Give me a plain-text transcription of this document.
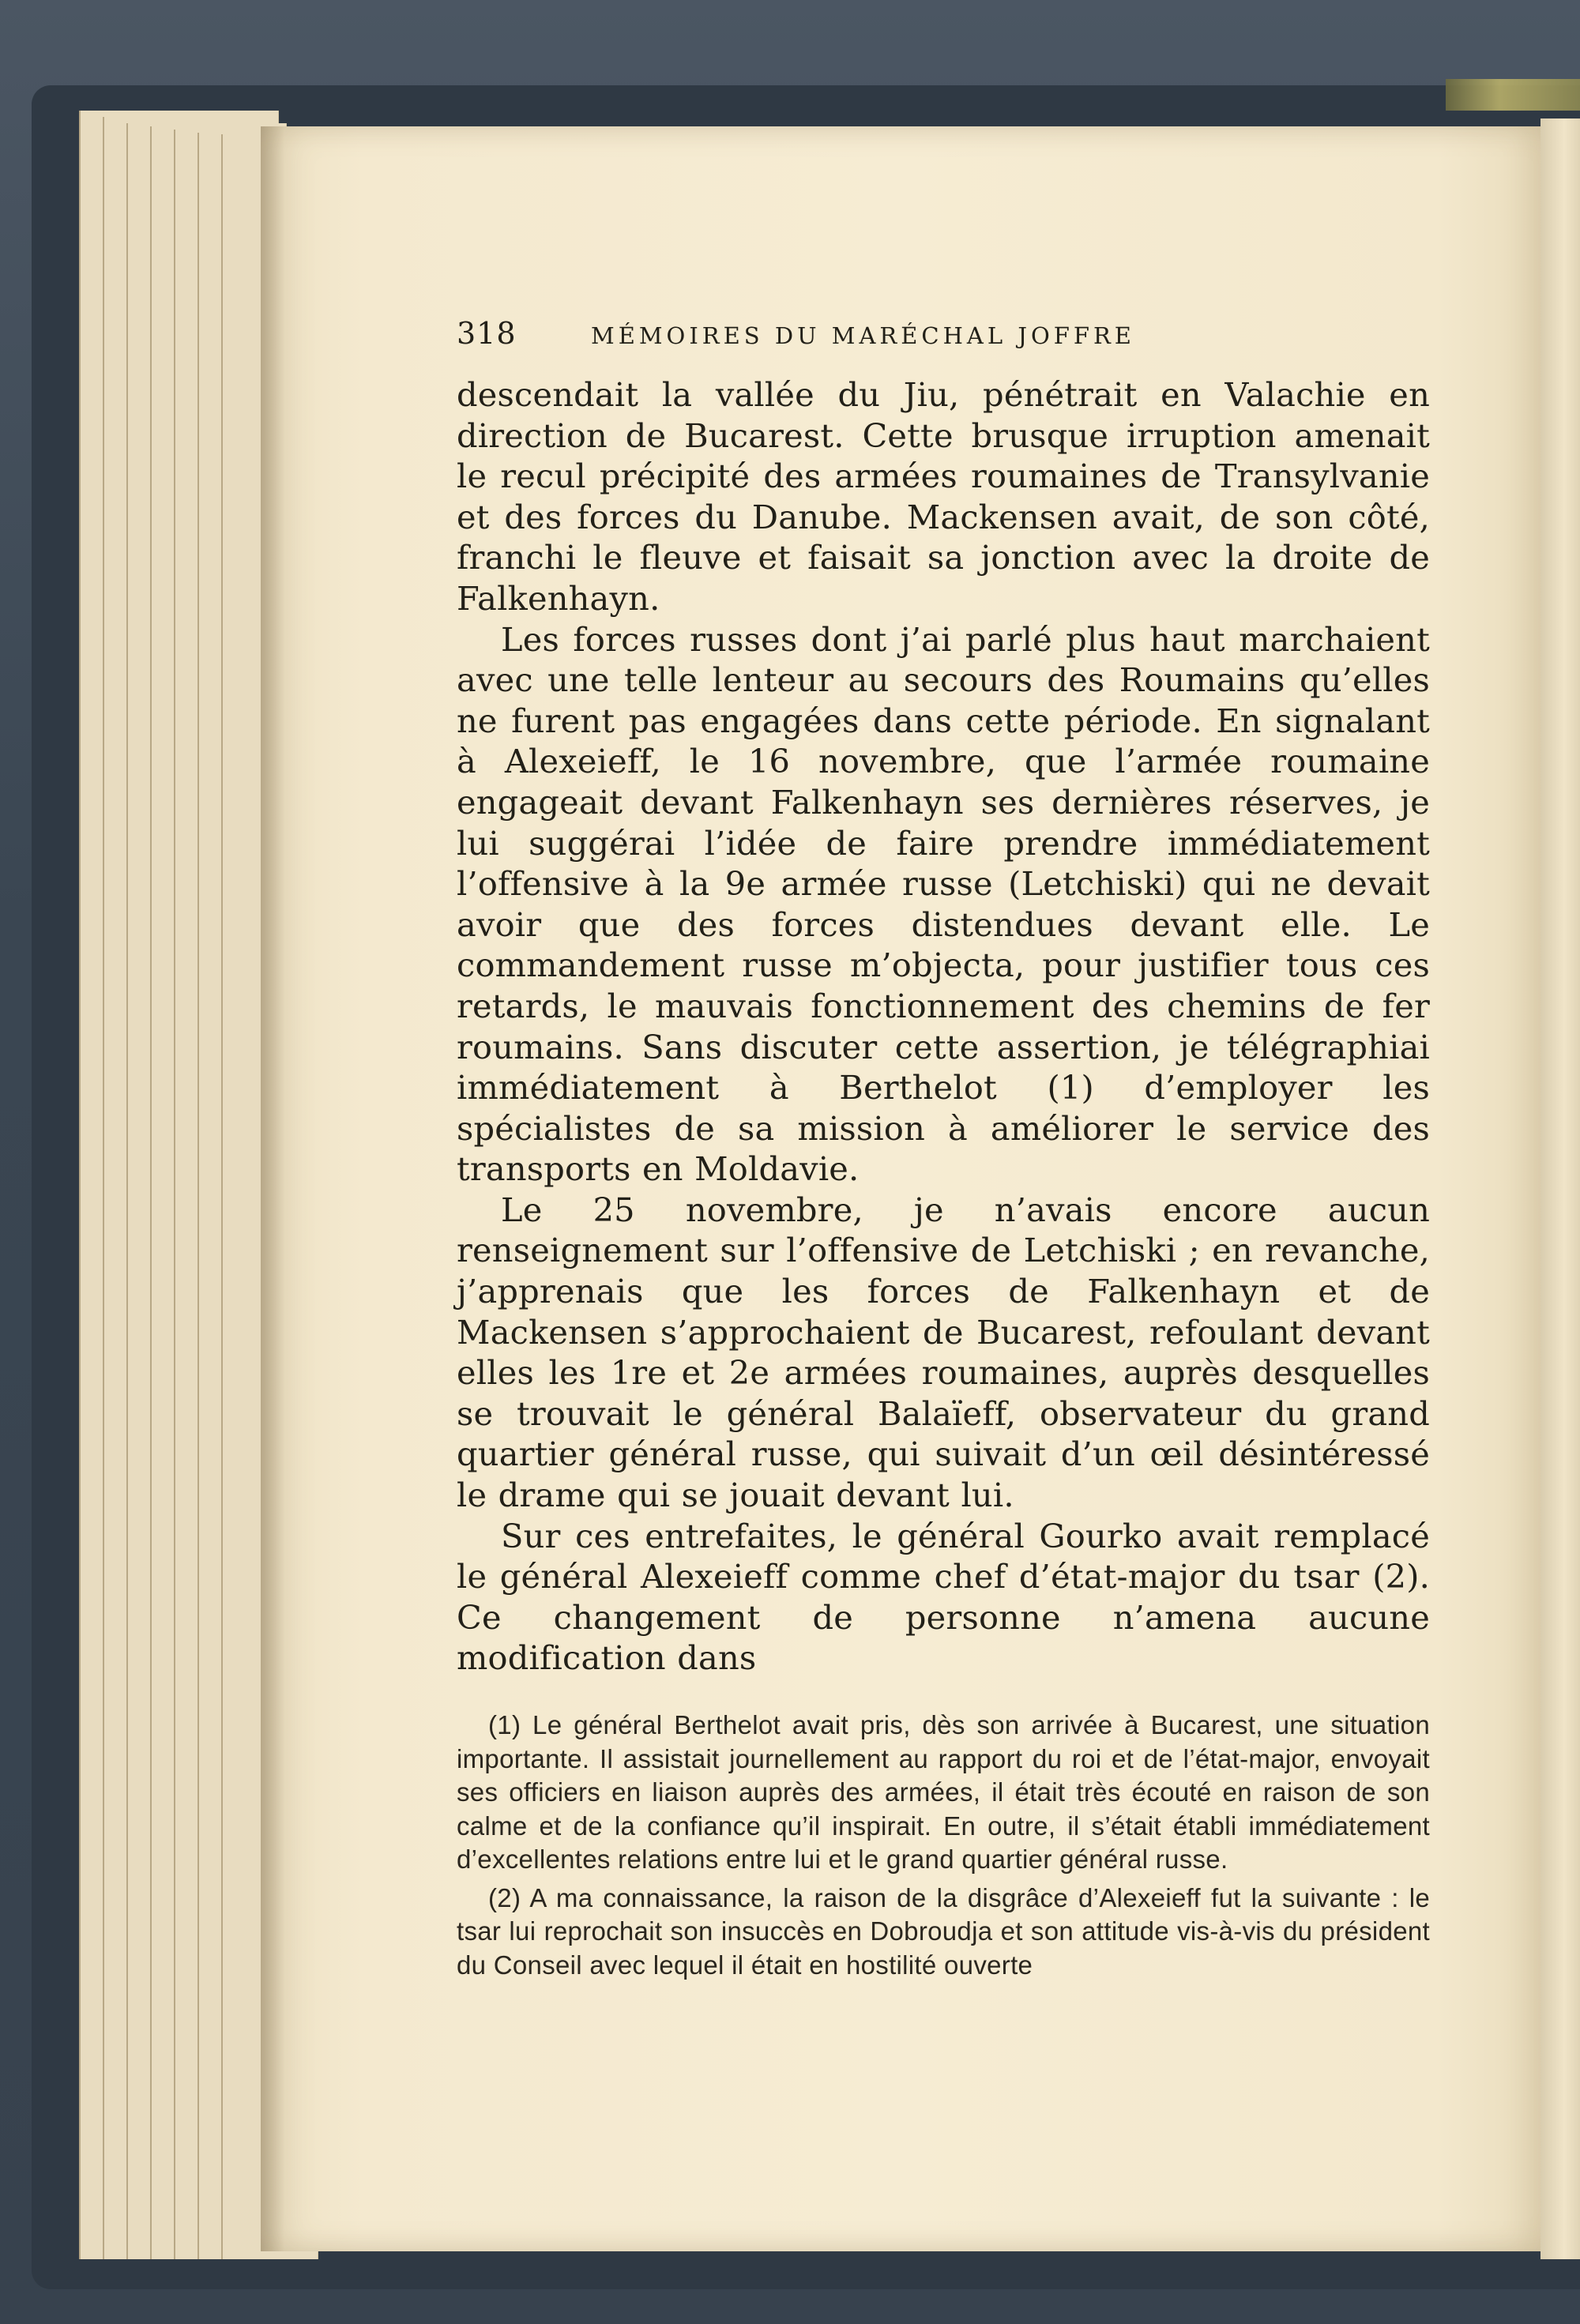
318	MÉMOIRES DU MARÉCHAL JOFFRE

descendait la vallée du Jiu, pénétrait en Valachie en direction de Bucarest. Cette brusque irruption amenait le recul précipité des armées roumaines de Transylvanie et des forces du Danube. Mackensen avait, de son côté, franchi le fleuve et faisait sa jonction avec la droite de Falkenhayn.

Les forces russes dont j’ai parlé plus haut marchaient avec une telle lenteur au secours des Roumains qu’elles ne furent pas engagées dans cette période. En signalant à Alexeieff, le 16 novembre, que l’armée roumaine engageait devant Falkenhayn ses dernières réserves, je lui suggérai l’idée de faire prendre immédiatement l’offensive à la 9e armée russe (Letchiski) qui ne devait avoir que des forces distendues devant elle. Le commandement russe m’objecta, pour justifier tous ces retards, le mauvais fonctionnement des chemins de fer roumains. Sans discuter cette assertion, je télégraphiai immédiatement à Berthelot (1) d’employer les spécialistes de sa mission à améliorer le service des transports en Moldavie.

Le 25 novembre, je n’avais encore aucun renseignement sur l’offensive de Letchiski ; en revanche, j’apprenais que les forces de Falkenhayn et de Mackensen s’approchaient de Bucarest, refoulant devant elles les 1re et 2e armées roumaines, auprès desquelles se trouvait le général Balaïeff, observateur du grand quartier général russe, qui suivait d’un œil désintéressé le drame qui se jouait devant lui.

Sur ces entrefaites, le général Gourko avait remplacé le général Alexeieff comme chef d’état-major du tsar (2). Ce changement de personne n’amena aucune modification dans

(1) Le général Berthelot avait pris, dès son arrivée à Bucarest, une situation importante. Il assistait journellement au rapport du roi et de l’état-major, envoyait ses officiers en liaison auprès des armées, il était très écouté en raison de son calme et de la confiance qu’il inspirait. En outre, il s’était établi immédiatement d’excellentes relations entre lui et le grand quartier général russe.

(2) A ma connaissance, la raison de la disgrâce d’Alexeieff fut la suivante : le tsar lui reprochait son insuccès en Dobroudja et son attitude vis-à-vis du président du Conseil avec lequel il était en hostilité ouverte
